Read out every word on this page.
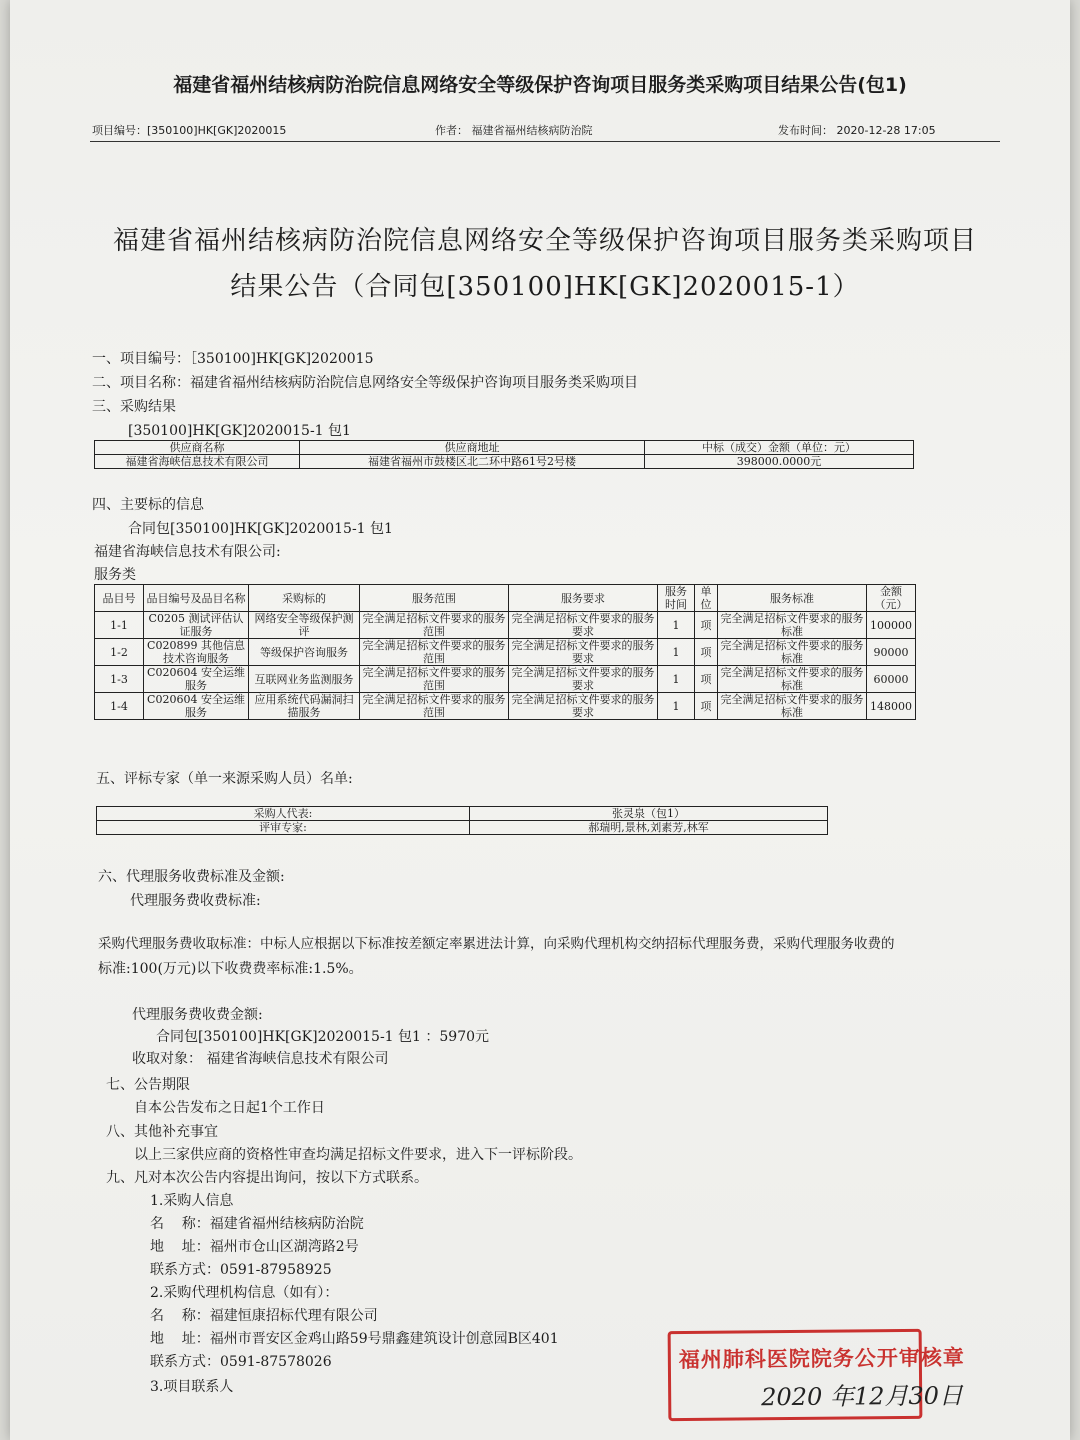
福建省福州结核病防治院信息网络安全等级保护咨询项目服务类采购项目结果公告(包1)
项目编号：[350100]HK[GK]2020015	作者： 福建省福州结核病防治院	发布时间： 2020-12-28 17:05
福建省福州结核病防治院信息网络安全等级保护咨询项目服务类采购项目
结果公告（合同包[350100]HK[GK]2020015-1）
一、项目编号：［350100]HK[GK]2020015
二、项目名称：福建省福州结核病防治院信息网络安全等级保护咨询项目服务类采购项目
三、采购结果
[350100]HK[GK]2020015-1 包1
供应商名称	供应商地址	中标（成交）金额（单位：元）
福建省海峡信息技术有限公司	福建省福州市鼓楼区北二环中路61号2号楼	398000.0000元
四、主要标的信息
合同包[350100]HK[GK]2020015-1 包1
福建省海峡信息技术有限公司:
服务类
品目号	品目编号及品目名称	采购标的	服务范围	服务要求	服务时间	单位	服务标准	金额（元）
1-1	C0205 测试评估认证服务	网络安全等级保护测评	完全满足招标文件要求的服务范围	完全满足招标文件要求的服务要求	1	项	完全满足招标文件要求的服务标准	100000
1-2	C020899 其他信息技术咨询服务	等级保护咨询服务	完全满足招标文件要求的服务范围	完全满足招标文件要求的服务要求	1	项	完全满足招标文件要求的服务标准	90000
1-3	C020604 安全运维服务	互联网业务监测服务	完全满足招标文件要求的服务范围	完全满足招标文件要求的服务要求	1	项	完全满足招标文件要求的服务标准	60000
1-4	C020604 安全运维服务	应用系统代码漏洞扫描服务	完全满足招标文件要求的服务范围	完全满足招标文件要求的服务要求	1	项	完全满足招标文件要求的服务标准	148000
五、评标专家（单一来源采购人员）名单:
采购人代表:	张灵泉（包1）
评审专家:	郝瑞明,景林,刘素芳,林军
六、代理服务收费标准及金额:
代理服务费收费标准:
采购代理服务费收取标准：中标人应根据以下标准按差额定率累进法计算，向采购代理机构交纳招标代理服务费，采购代理服务收费的
标准:100(万元)以下收费费率标准:1.5%。
代理服务费收费金额:
合同包[350100]HK[GK]2020015-1 包1 ：5970元
收取对象： 福建省海峡信息技术有限公司
七、公告期限
自本公告发布之日起1个工作日
八、其他补充事宜
以上三家供应商的资格性审查均满足招标文件要求，进入下一评标阶段。
九、凡对本次公告内容提出询问，按以下方式联系。
1.采购人信息
名    称：福建省福州结核病防治院
地    址：福州市仓山区湖湾路2号
联系方式：0591-87958925
2.采购代理机构信息（如有）：
名    称：福建恒康招标代理有限公司
地    址：福州市晋安区金鸡山路59号鼎鑫建筑设计创意园B区401
联系方式：0591-87578026
3.项目联系人
福州肺科医院院务公开审核章
2020 年12月30日
